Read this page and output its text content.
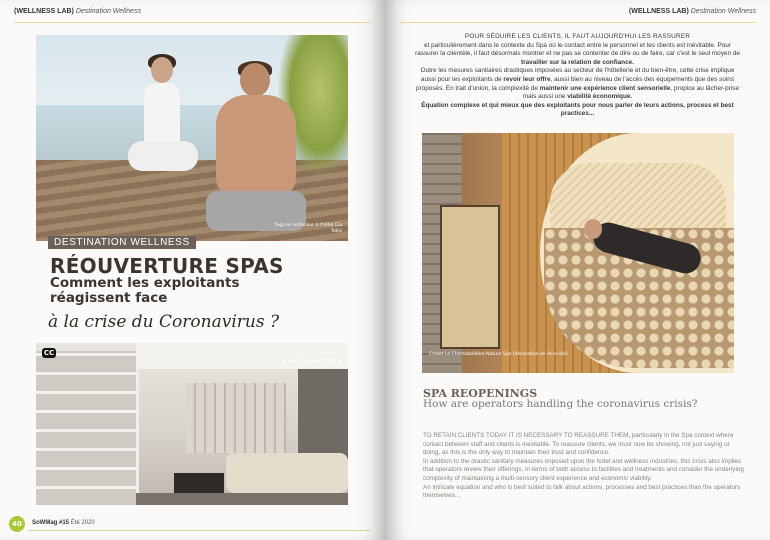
(WELLNESS LAB) Destination Wellness
Yoga en extérieur à l'hôtel Cia Tellis
DESTINATION WELLNESS
RÉOUVERTURE SPAS
Comment les exploitants réagissent face
à la crise du Coronavirus ?
CC
Le Spa Chanel au Ritz Paris
40	SoWMag #15 Été 2020
(WELLNESS LAB) Destination Wellness

POUR SÉDUIRE LES CLIENTS, IL FAUT AUJOURD'HUI LES RASSURER
et particulièrement dans le contexte du Spa où le contact entre le personnel et les clients est inévitable. Pour rassurer la clientèle, il faut désormais montrer et ne pas se contenter de dire ou de faire, car c'est le seul moyen de travailler sur la relation de confiance.

Outre les mesures sanitaires drastiques imposées au secteur de l'hôtellerie et du bien-être, cette crise implique aussi pour les exploitants de revoir leur offre, aussi bien au niveau de l'accès des équipements que des soins proposés. En trait d'union, la complexité de maintenir une expérience client sensorielle, propice au lâcher-prise mais aussi une viabilité économique.

Équation complexe et qui mieux que des exploitants pour nous parler de leurs actions, process et best practices...

Chalet Le Chantaboldère Nature Spa (décoration en Aksa bik)
SPA REOPENINGS
How are operators handling the coronavirus crisis?

TO RETAIN CLIENTS TODAY IT IS NECESSARY TO REASSURE THEM, particularly in the Spa context where contact between staff and clients is inevitable. To reassure clients, we must now be showing, not just saying or doing, as this is the only way to maintain their trust and confidence.

In addition to the drastic sanitary measures imposed upon the hotel and wellness industries, this crisis also implies that operators review their offerings, in terms of both access to facilities and treatments and consider the underlying complexity of maintaining a multi-sensory client experience and economic viability.

An intricate equation and who is best suited to talk about actions, processes and best practices than the operators themselves...
